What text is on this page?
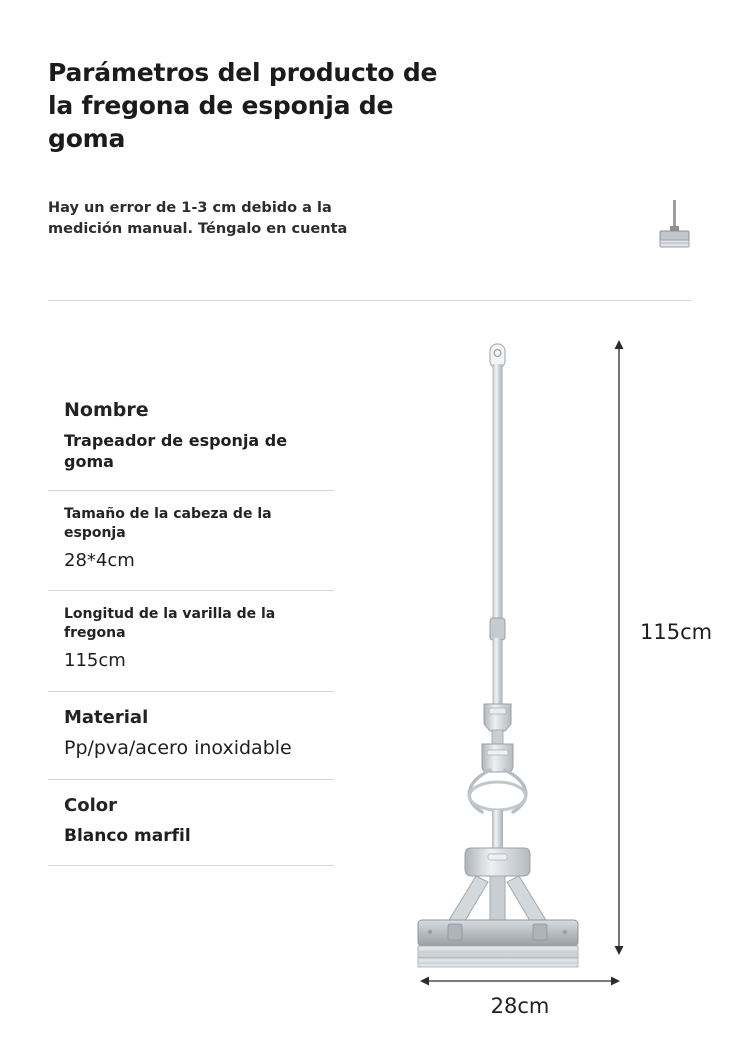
Parámetros del producto de la fregona de esponja de goma
Hay un error de 1-3 cm debido a la medición manual. Téngalo en cuenta
Nombre
Trapeador de esponja de goma
Tamaño de la cabeza de la esponja
28*4cm
Longitud de la varilla de la fregona
115cm
Material
Pp/pva/acero inoxidable
Color
Blanco marfil
115cm
28cm
